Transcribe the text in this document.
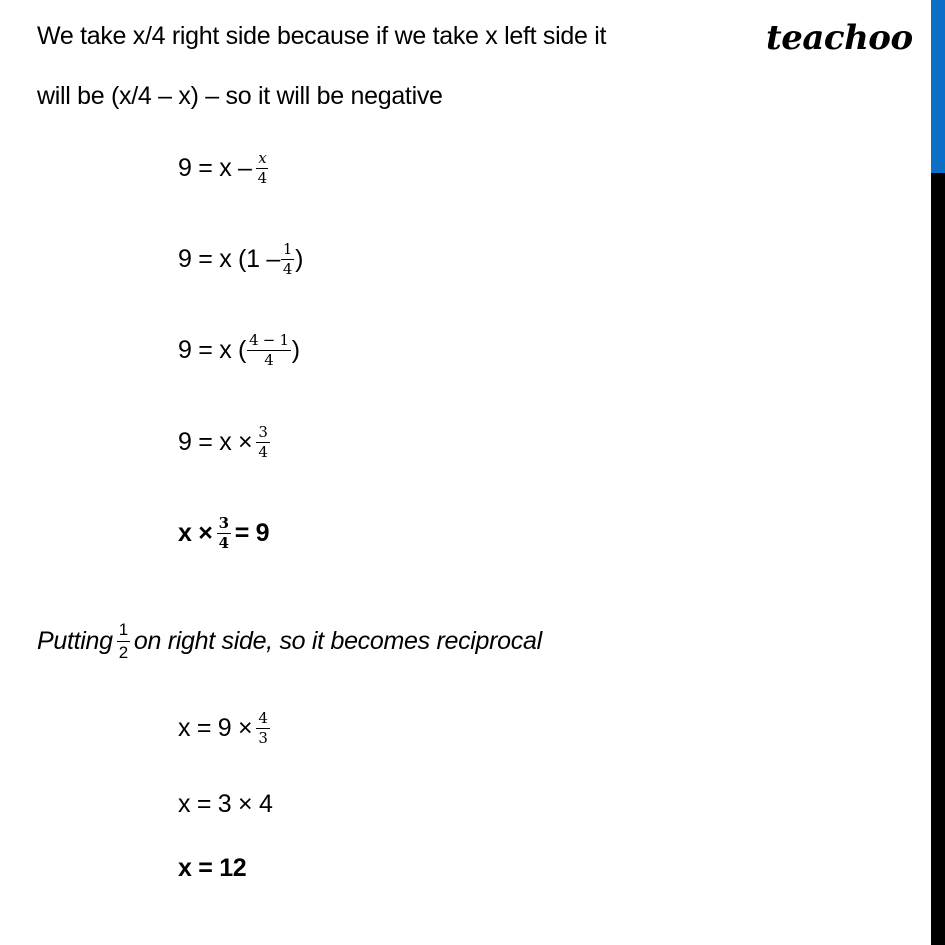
teachoo
We take x/4 right side because if we take x left side it
will be (x/4 – x) – so it will be negative
$9 = x - \frac{x}{4}$
9 = x ($1 - \frac{1}{4}$ )
9 = x ( $\frac{4 - 1}{4}$ )
$9 = x \times \frac{3}{4}$
$x \times \frac{3}{4} = 9$
Putting $\frac{1}{2}$ on right side, so it becomes reciprocal
$x = 9 \times \frac{4}{3}$
x = 3 × 4
x = 12
